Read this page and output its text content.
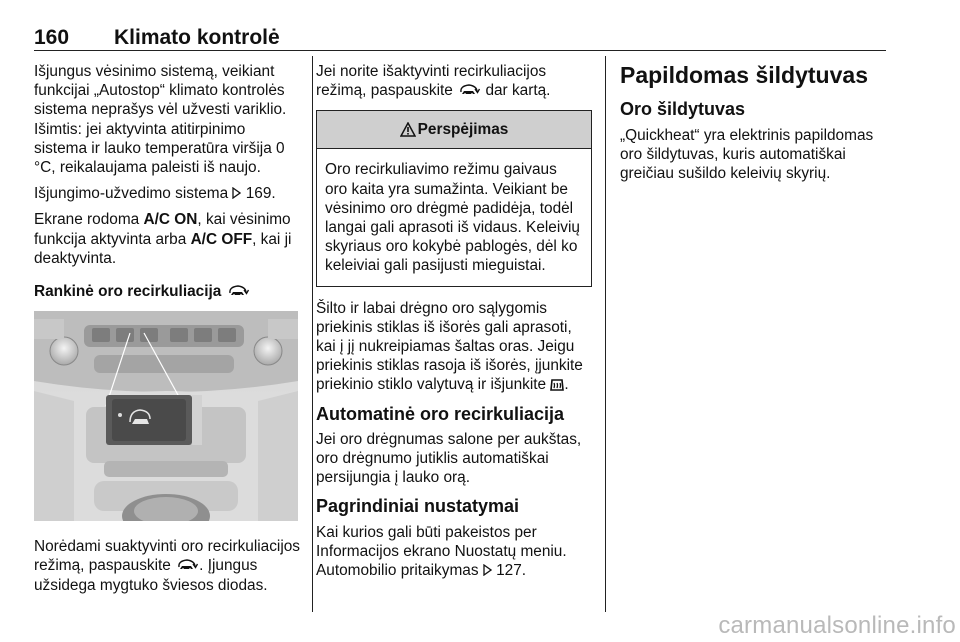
160 Klimato kontrolė

Išjungus vėsinimo sistemą, veikiant funkcijai „Autostop“ klimato kontrolės sistema neprašys vėl užvesti variklio. Išimtis: jei aktyvinta atitirpinimo sistema ir lauko temperatūra viršija 0 °C, reikalaujama paleisti iš naujo.

Išjungimo-užvedimo sistema 169.

Ekrane rodoma A/C ON, kai vėsinimo funkcija aktyvinta arba A/C OFF, kai ji deaktyvinta.

Rankinė oro recirkuliacija

Norėdami suaktyvinti oro recirkuliacijos režimą, paspauskite . Įjungus užsidega mygtuko šviesos diodas.

Jei norite išaktyvinti recirkuliacijos režimą, paspauskite dar kartą.

Perspėjimas
Oro recirkuliavimo režimu gaivaus oro kaita yra sumažinta. Veikiant be vėsinimo oro drėgmė padidėja, todėl langai gali aprasoti iš vidaus. Keleivių skyriaus oro kokybė pablogės, dėl ko keleiviai gali pasijusti mieguistai.

Šilto ir labai drėgno oro sąlygomis priekinis stiklas iš išorės gali aprasoti, kai į jį nukreipiamas šaltas oras. Jeigu priekinis stiklas rasoja iš išorės, įjunkite priekinio stiklo valytuvą ir išjunkite .

Automatinė oro recirkuliacija

Jei oro drėgnumas salone per aukštas, oro drėgnumo jutiklis automatiškai persijungia į lauko orą.

Pagrindiniai nustatymai

Kai kurios gali būti pakeistos per Informacijos ekrano Nuostatų meniu. Automobilio pritaikymas 127.

Papildomas šildytuvas
Oro šildytuvas

„Quickheat“ yra elektrinis papildomas oro šildytuvas, kuris automatiškai greičiau sušildo keleivių skyrių.

carmanualsonline.info
